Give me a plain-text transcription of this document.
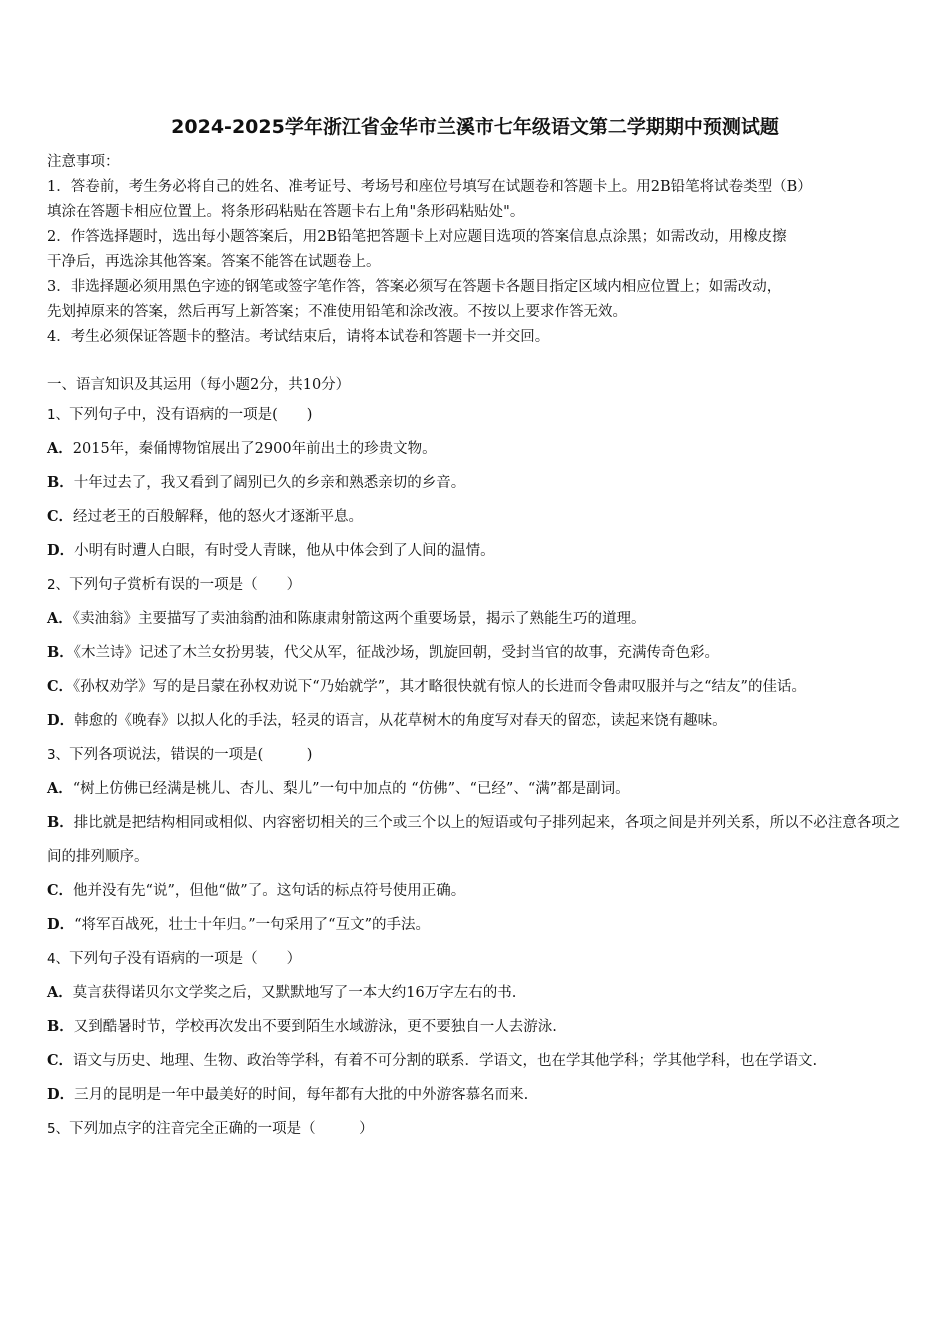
2024-2025学年浙江省金华市兰溪市七年级语文第二学期期中预测试题
注意事项：
1．答卷前，考生务必将自己的姓名、准考证号、考场号和座位号填写在试题卷和答题卡上。用2B铅笔将试卷类型（B）
填涂在答题卡相应位置上。将条形码粘贴在答题卡右上角"条形码粘贴处"。
2．作答选择题时，选出每小题答案后，用2B铅笔把答题卡上对应题目选项的答案信息点涂黑；如需改动，用橡皮擦
干净后，再选涂其他答案。答案不能答在试题卷上。
3．非选择题必须用黑色字迹的钢笔或签字笔作答，答案必须写在答题卡各题目指定区域内相应位置上；如需改动，
先划掉原来的答案，然后再写上新答案；不准使用铅笔和涂改液。不按以上要求作答无效。
4．考生必须保证答题卡的整洁。考试结束后，请将本试卷和答题卡一并交回。
一、语言知识及其运用（每小题2分，共10分）
1、下列句子中，没有语病的一项是(　　)
A．2015年，秦俑博物馆展出了2900年前出土的珍贵文物。
B．十年过去了，我又看到了阔别已久的乡亲和熟悉亲切的乡音。
C．经过老王的百般解释，他的怒火才逐渐平息。
D．小明有时遭人白眼，有时受人青睐，他从中体会到了人间的温情。
2、下列句子赏析有误的一项是（　　）
A．《卖油翁》主要描写了卖油翁酌油和陈康肃射箭这两个重要场景，揭示了熟能生巧的道理。
B．《木兰诗》记述了木兰女扮男装，代父从军，征战沙场，凯旋回朝，受封当官的故事，充满传奇色彩。
C．《孙权劝学》写的是吕蒙在孙权劝说下“乃始就学”，其才略很快就有惊人的长进而令鲁肃叹服并与之“结友”的佳话。
D．韩愈的《晚春》以拟人化的手法，轻灵的语言，从花草树木的角度写对春天的留恋，读起来饶有趣味。
3、下列各项说法，错误的一项是(　　　)
A．“树上仿佛已经满是桃儿、杏儿、梨儿”一句中加点的 “仿佛”、“已经”、“满”都是副词。
B．排比就是把结构相同或相似、内容密切相关的三个或三个以上的短语或句子排列起来，各项之间是并列关系，所以不必注意各项之间的排列顺序。
C．他并没有先“说”，但他“做”了。这句话的标点符号使用正确。
D．“将军百战死，壮士十年归。”一句采用了“互文”的手法。
4、下列句子没有语病的一项是（　　）
A．莫言获得诺贝尔文学奖之后，又默默地写了一本大约16万字左右的书.
B．又到酷暑时节，学校再次发出不要到陌生水域游泳，更不要独自一人去游泳.
C．语文与历史、地理、生物、政治等学科，有着不可分割的联系．学语文，也在学其他学科；学其他学科，也在学语文.
D．三月的昆明是一年中最美好的时间，每年都有大批的中外游客慕名而来.
5、下列加点字的注音完全正确的一项是（　　　）
